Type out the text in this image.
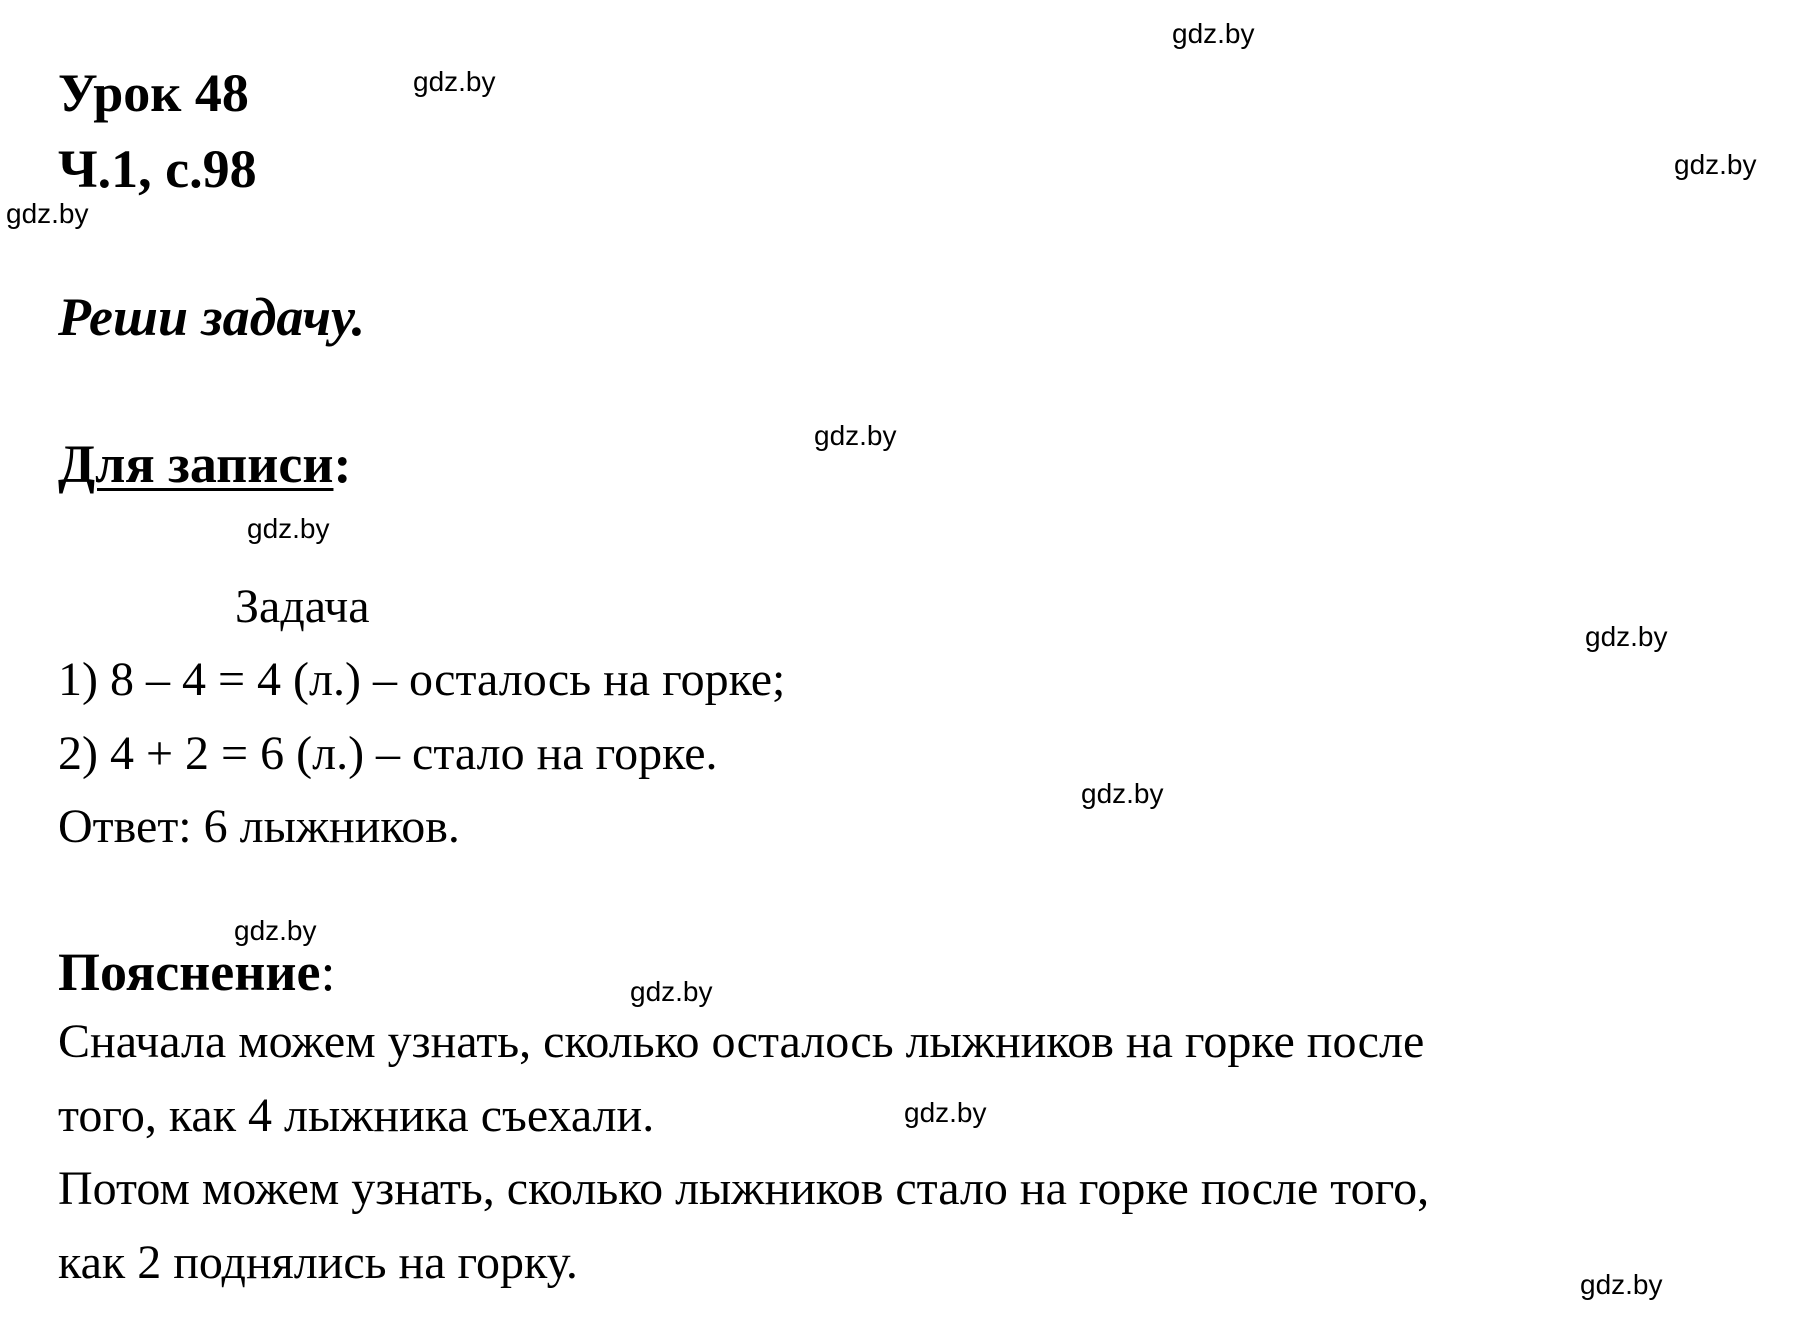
Урок 48
Ч.1, с.98
Реши задачу.
Для записи:
Задача
1) 8 – 4 = 4 (л.) – осталось на горке;
2) 4 + 2 = 6 (л.) – стало на горке.
Ответ: 6 лыжников.
Пояснение:
Сначала можем узнать, сколько осталось лыжников на горке после
того, как 4 лыжника съехали.
Потом можем узнать, сколько лыжников стало на горке после того,
как 2 поднялись на горку.
gdz.by
gdz.by
gdz.by
gdz.by
gdz.by
gdz.by
gdz.by
gdz.by
gdz.by
gdz.by
gdz.by
gdz.by
